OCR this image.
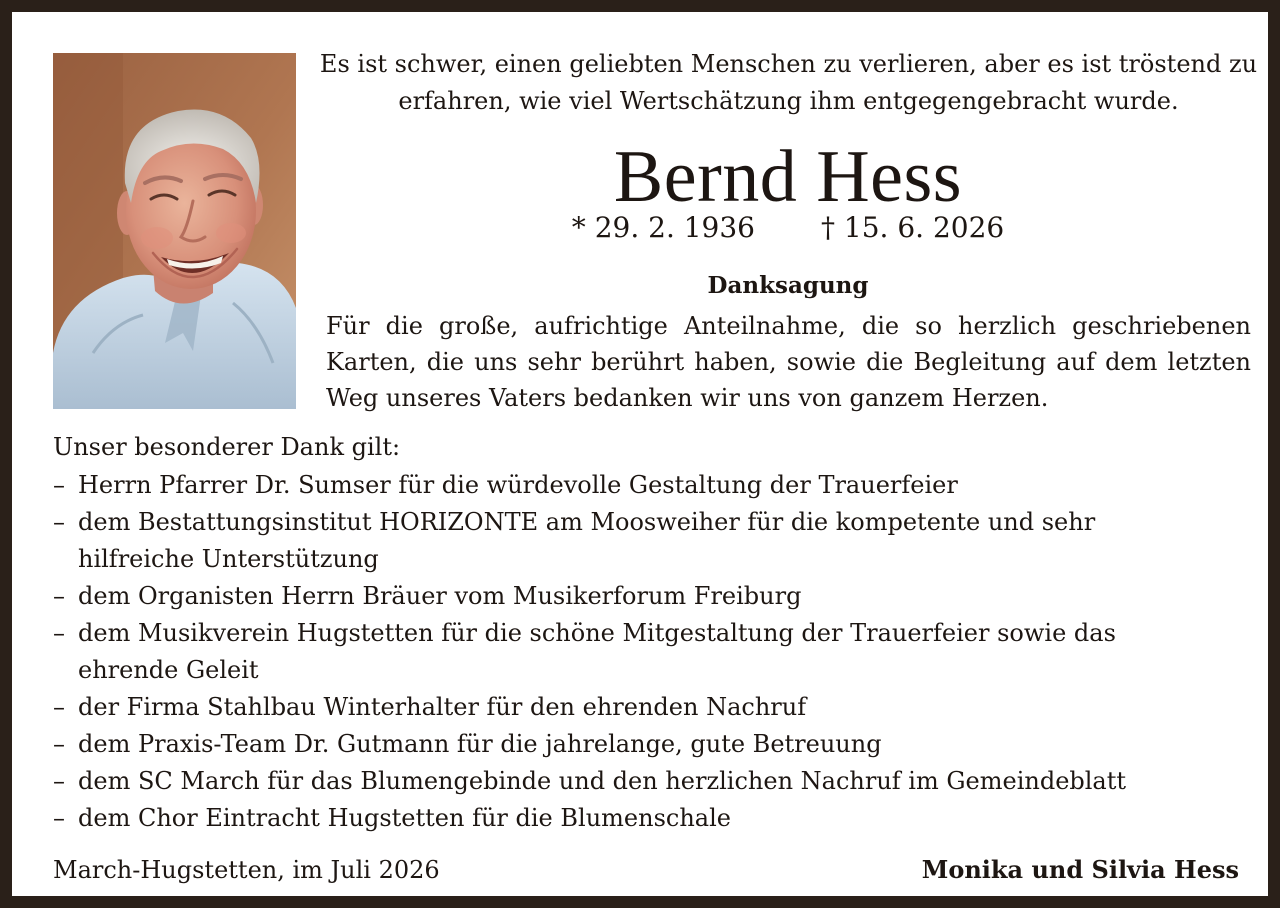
Es ist schwer, einen geliebten Menschen zu verlieren, aber es ist tröstend zu
erfahren, wie viel Wertschätzung ihm entgegengebracht wurde.

Bernd Hess
* 29. 2. 1936 † 15. 6. 2026
Danksagung

Für die große, aufrichtige Anteilnahme, die so herzlich geschriebenen
Karten, die uns sehr berührt haben, sowie die Begleitung auf dem letzten
Weg unseres Vaters bedanken wir uns von ganzem Herzen.

Unser besonderer Dank gilt:

– Herrn Pfarrer Dr. Sumser für die würdevolle Gestaltung der Trauerfeier
– dem Bestattungsinstitut HORIZONTE am Moosweiher für die kompetente und sehr
hilfreiche Unterstützung
– dem Organisten Herrn Bräuer vom Musikerforum Freiburg
– dem Musikverein Hugstetten für die schöne Mitgestaltung der Trauerfeier sowie das
ehrende Geleit
– der Firma Stahlbau Winterhalter für den ehrenden Nachruf
– dem Praxis-Team Dr. Gutmann für die jahrelange, gute Betreuung
– dem SC March für das Blumengebinde und den herzlichen Nachruf im Gemeindeblatt
– dem Chor Eintracht Hugstetten für die Blumenschale

March-Hugstetten, im Juli 2026	Monika und Silvia Hess
